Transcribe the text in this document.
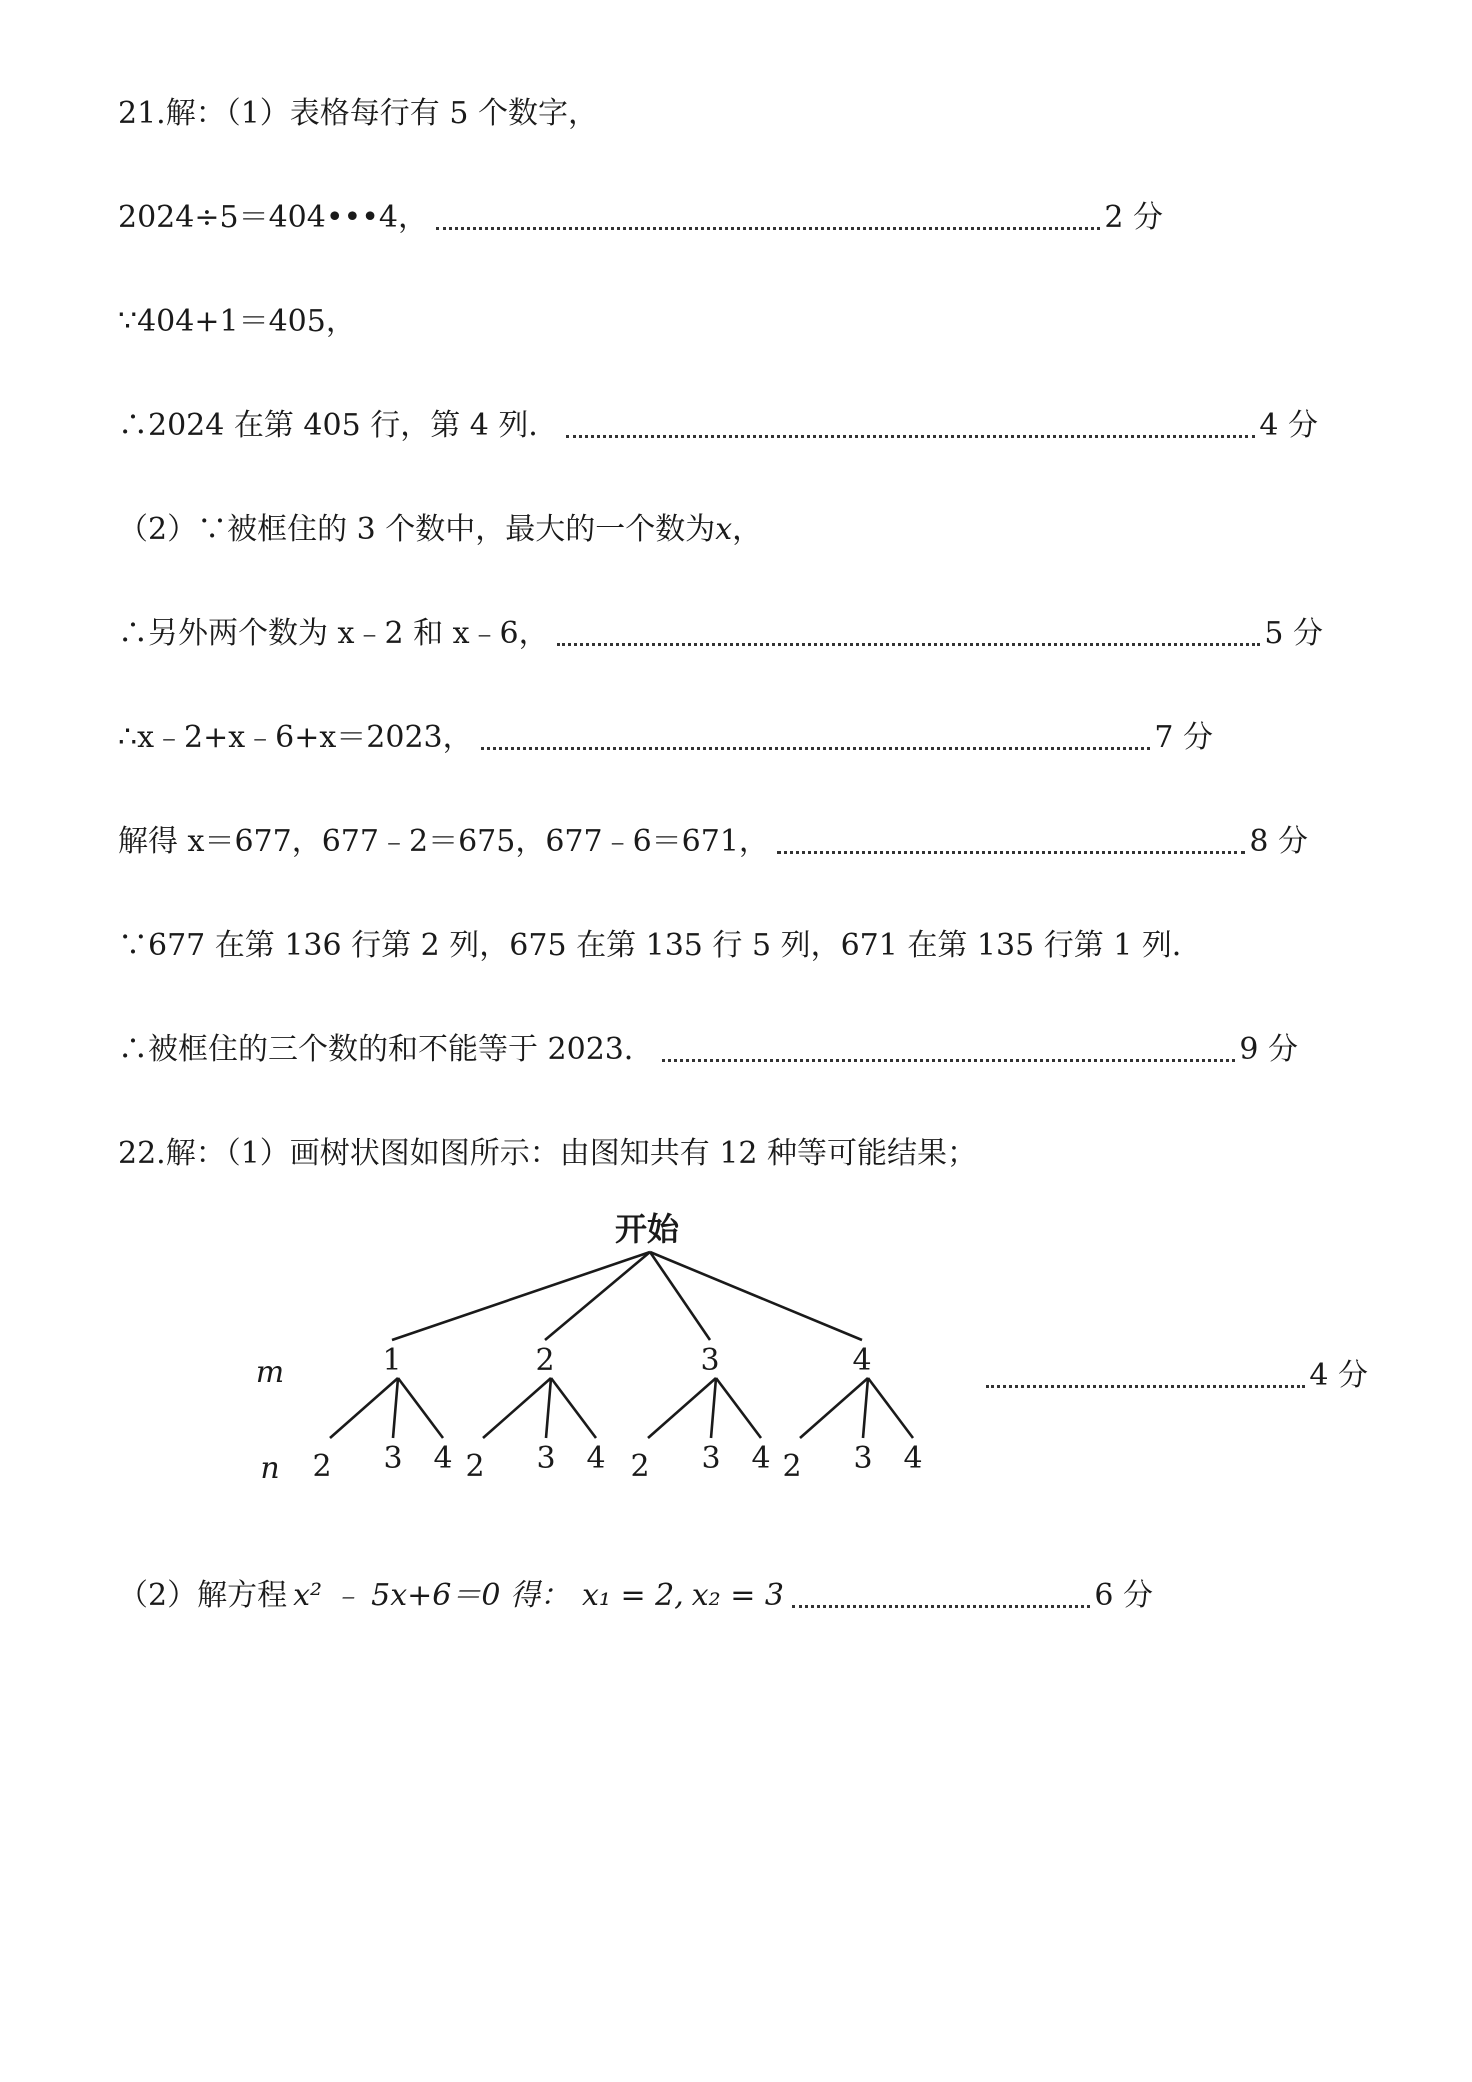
21.解：（1）表格每行有 5 个数字，
2024÷5＝404•••4，	2 分
∵404+1＝405，
∴2024 在第 405 行，第 4 列．	4 分
（2）∵被框住的 3 个数中，最大的一个数为 x ，
∴另外两个数为 x﹣2 和 x﹣6，	5 分
∴x﹣2+x﹣6+x＝2023，	7 分
解得 x＝677，677﹣2＝675，677﹣6＝671，	8 分
∵677 在第 136 行第 2 列，675 在第 135 行 5 列，671 在第 135 行第 1 列．
∴被框住的三个数的和不能等于 2023．	9 分
22.解：（1）画树状图如图所示：由图知共有 12 种等可能结果；
开始
m
n
1
2 3 4
2
2 3 4
3
2 3 4
4
2 3 4
4 分
（2）解方程 x² ﹣ 5x+6＝0 得： x₁ = 2, x₂ = 3	6 分
